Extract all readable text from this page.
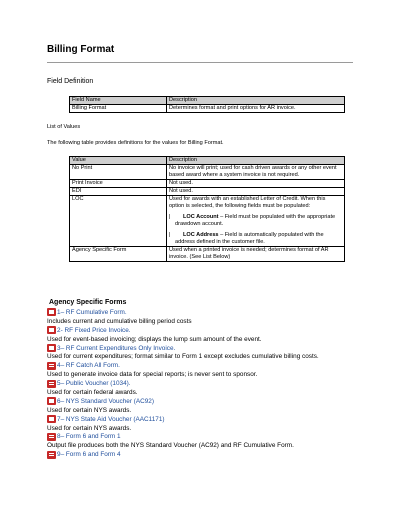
Billing Format
Field Definition
Field Name	Description
Billing Format	Determines format and print options for AR invoice.
List of Values
The following table provides definitions for the values for Billing Format.
Value	Description
No Print	No invoice will print; used for cash driven awards or any other event based award where a system invoice is not required.
Print Invoice	Not used.
EDI	Not used.
LOC	Used for awards with an established Letter of Credit. When this option is selected, the following fields must be populated:
| LOC Account – Field must be populated with the appropriate drawdown account.
| LOC Address – Field is automatically populated with the address defined in the customer file.

Agency Specific Form	Used when a printed invoice is needed; determines format of AR invoice. (See List Below)
Agency Specific Forms
1 – RF Cumulative Form.
Includes current and cumulative billing period costs
2 - RF Fixed Price Invoice.
Used for event-based invoicing; displays the lump sum amount of the event.
3 – RF Current Expenditures Only Invoice.
Used for current expenditures; format similar to Form 1 except excludes cumulative billing costs.
4 – RF Catch All Form.
Used to generate invoice data for special reports; is never sent to sponsor.
5 – Public Voucher (1034).
Used for certain federal awards.
6 – NYS Standard Voucher (AC92)
Used for certain NYS awards.
7 – NYS State Aid Voucher (AAC1171)
Used for certain NYS awards.
8 – Form 6 and Form 1
Output file produces both the NYS Standard Voucher (AC92) and RF Cumulative Form.
9 – Form 6 and Form 4
